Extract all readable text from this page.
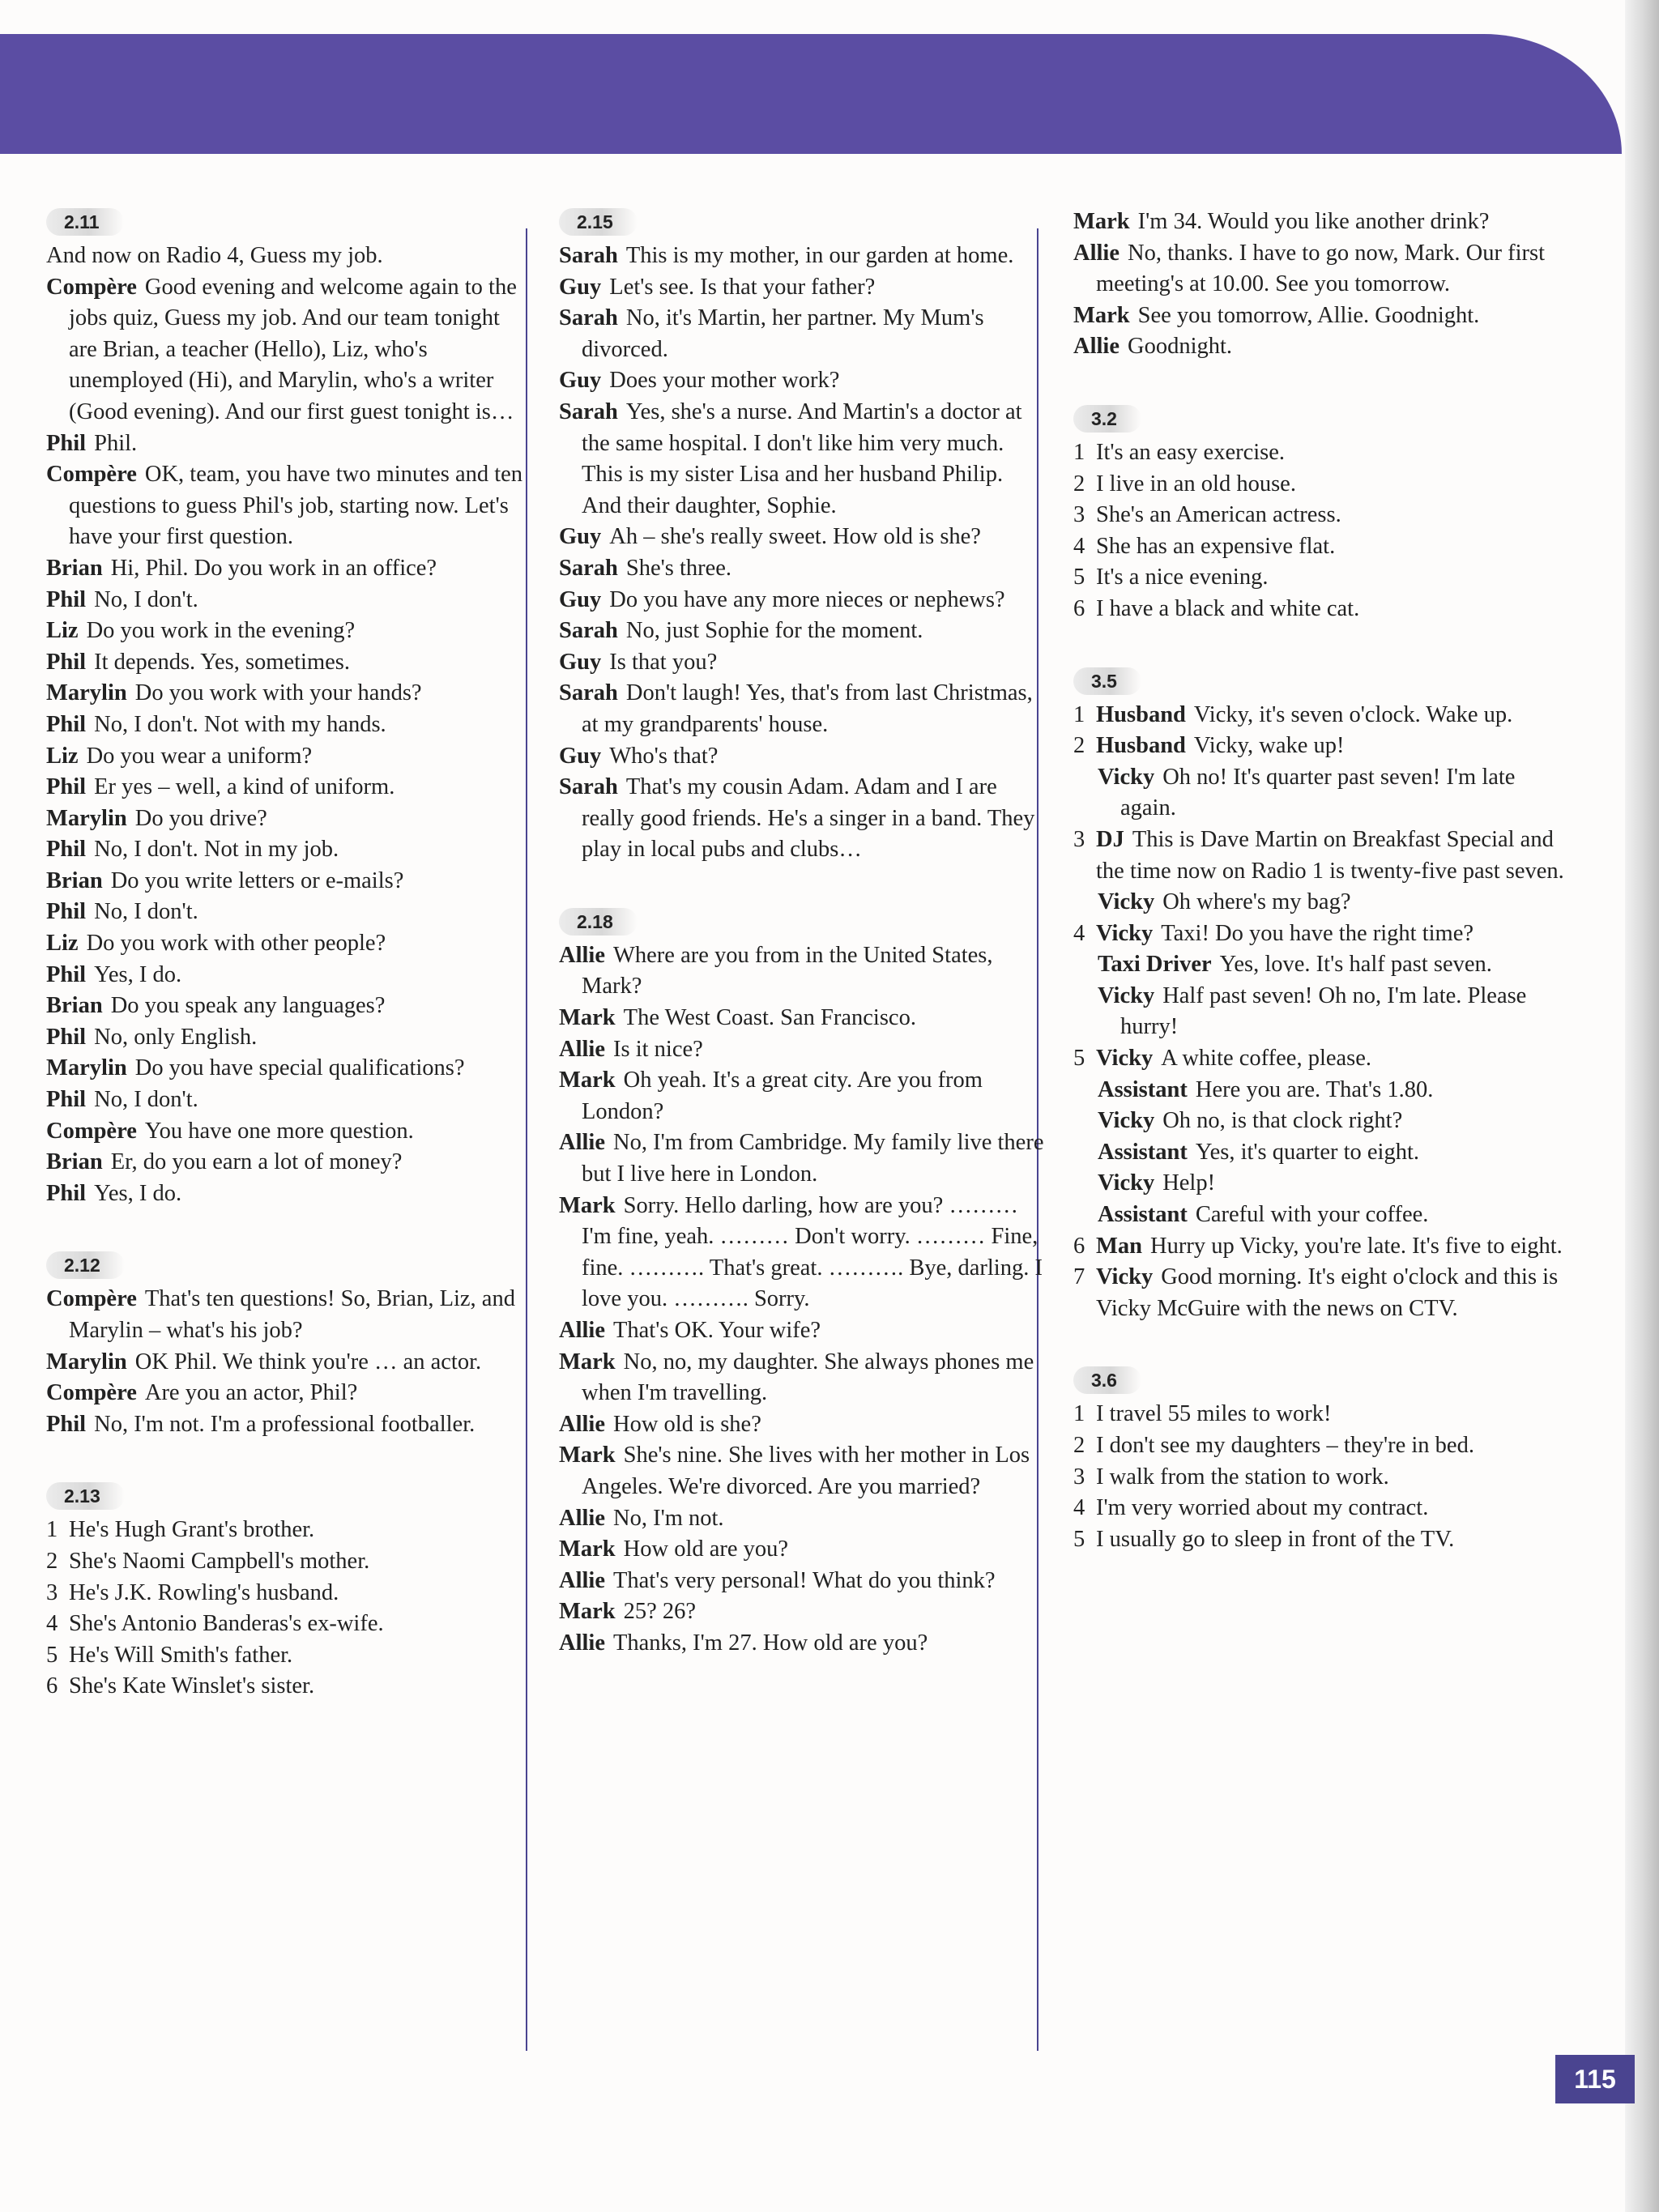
2.11
And now on Radio 4, Guess my job.
Compère Good evening and welcome again to the jobs quiz, Guess my job. And our team tonight are Brian, a teacher (Hello), Liz, who's unemployed (Hi), and Marylin, who's a writer (Good evening). And our first guest tonight is…
Phil Phil.
Compère OK, team, you have two minutes and ten questions to guess Phil's job, starting now. Let's have your first question.
Brian Hi, Phil. Do you work in an office?
Phil No, I don't.
Liz Do you work in the evening?
Phil It depends. Yes, sometimes.
Marylin Do you work with your hands?
Phil No, I don't. Not with my hands.
Liz Do you wear a uniform?
Phil Er yes – well, a kind of uniform.
Marylin Do you drive?
Phil No, I don't. Not in my job.
Brian Do you write letters or e-mails?
Phil No, I don't.
Liz Do you work with other people?
Phil Yes, I do.
Brian Do you speak any languages?
Phil No, only English.
Marylin Do you have special qualifications?
Phil No, I don't.
Compère You have one more question.
Brian Er, do you earn a lot of money?
Phil Yes, I do.
2.12
Compère That's ten questions! So, Brian, Liz, and Marylin – what's his job?
Marylin OK Phil. We think you're … an actor.
Compère Are you an actor, Phil?
Phil No, I'm not. I'm a professional footballer.
2.13
1 He's Hugh Grant's brother.
2 She's Naomi Campbell's mother.
3 He's J.K. Rowling's husband.
4 She's Antonio Banderas's ex-wife.
5 He's Will Smith's father.
6 She's Kate Winslet's sister.
2.15
Sarah This is my mother, in our garden at home.
Guy Let's see. Is that your father?
Sarah No, it's Martin, her partner. My Mum's divorced.
Guy Does your mother work?
Sarah Yes, she's a nurse. And Martin's a doctor at the same hospital. I don't like him very much. This is my sister Lisa and her husband Philip. And their daughter, Sophie.
Guy Ah – she's really sweet. How old is she?
Sarah She's three.
Guy Do you have any more nieces or nephews?
Sarah No, just Sophie for the moment.
Guy Is that you?
Sarah Don't laugh! Yes, that's from last Christmas, at my grandparents' house.
Guy Who's that?
Sarah That's my cousin Adam. Adam and I are really good friends. He's a singer in a band. They play in local pubs and clubs…
2.18
Allie Where are you from in the United States, Mark?
Mark The West Coast. San Francisco.
Allie Is it nice?
Mark Oh yeah. It's a great city. Are you from London?
Allie No, I'm from Cambridge. My family live there but I live here in London.
Mark Sorry. Hello darling, how are you? ……… I'm fine, yeah. ……… Don't worry. ……… Fine, fine. ………. That's great. ………. Bye, darling. I love you. ………. Sorry.
Allie That's OK. Your wife?
Mark No, no, my daughter. She always phones me when I'm travelling.
Allie How old is she?
Mark She's nine. She lives with her mother in Los Angeles. We're divorced. Are you married?
Allie No, I'm not.
Mark How old are you?
Allie That's very personal! What do you think?
Mark 25? 26?
Allie Thanks, I'm 27. How old are you?
Mark I'm 34. Would you like another drink?
Allie No, thanks. I have to go now, Mark. Our first meeting's at 10.00. See you tomorrow.
Mark See you tomorrow, Allie. Goodnight.
Allie Goodnight.
3.2
1 It's an easy exercise.
2 I live in an old house.
3 She's an American actress.
4 She has an expensive flat.
5 It's a nice evening.
6 I have a black and white cat.
3.5
1 Husband Vicky, it's seven o'clock. Wake up.
2 Husband Vicky, wake up!
Vicky Oh no! It's quarter past seven! I'm late again.
3 DJ This is Dave Martin on Breakfast Special and the time now on Radio 1 is twenty-five past seven.
Vicky Oh where's my bag?
4 Vicky Taxi! Do you have the right time?
Taxi Driver Yes, love. It's half past seven.
Vicky Half past seven! Oh no, I'm late. Please hurry!
5 Vicky A white coffee, please.
Assistant Here you are. That's 1.80.
Vicky Oh no, is that clock right?
Assistant Yes, it's quarter to eight.
Vicky Help!
Assistant Careful with your coffee.
6 Man Hurry up Vicky, you're late. It's five to eight.
7 Vicky Good morning. It's eight o'clock and this is Vicky McGuire with the news on CTV.
3.6
1 I travel 55 miles to work!
2 I don't see my daughters – they're in bed.
3 I walk from the station to work.
4 I'm very worried about my contract.
5 I usually go to sleep in front of the TV.
115
